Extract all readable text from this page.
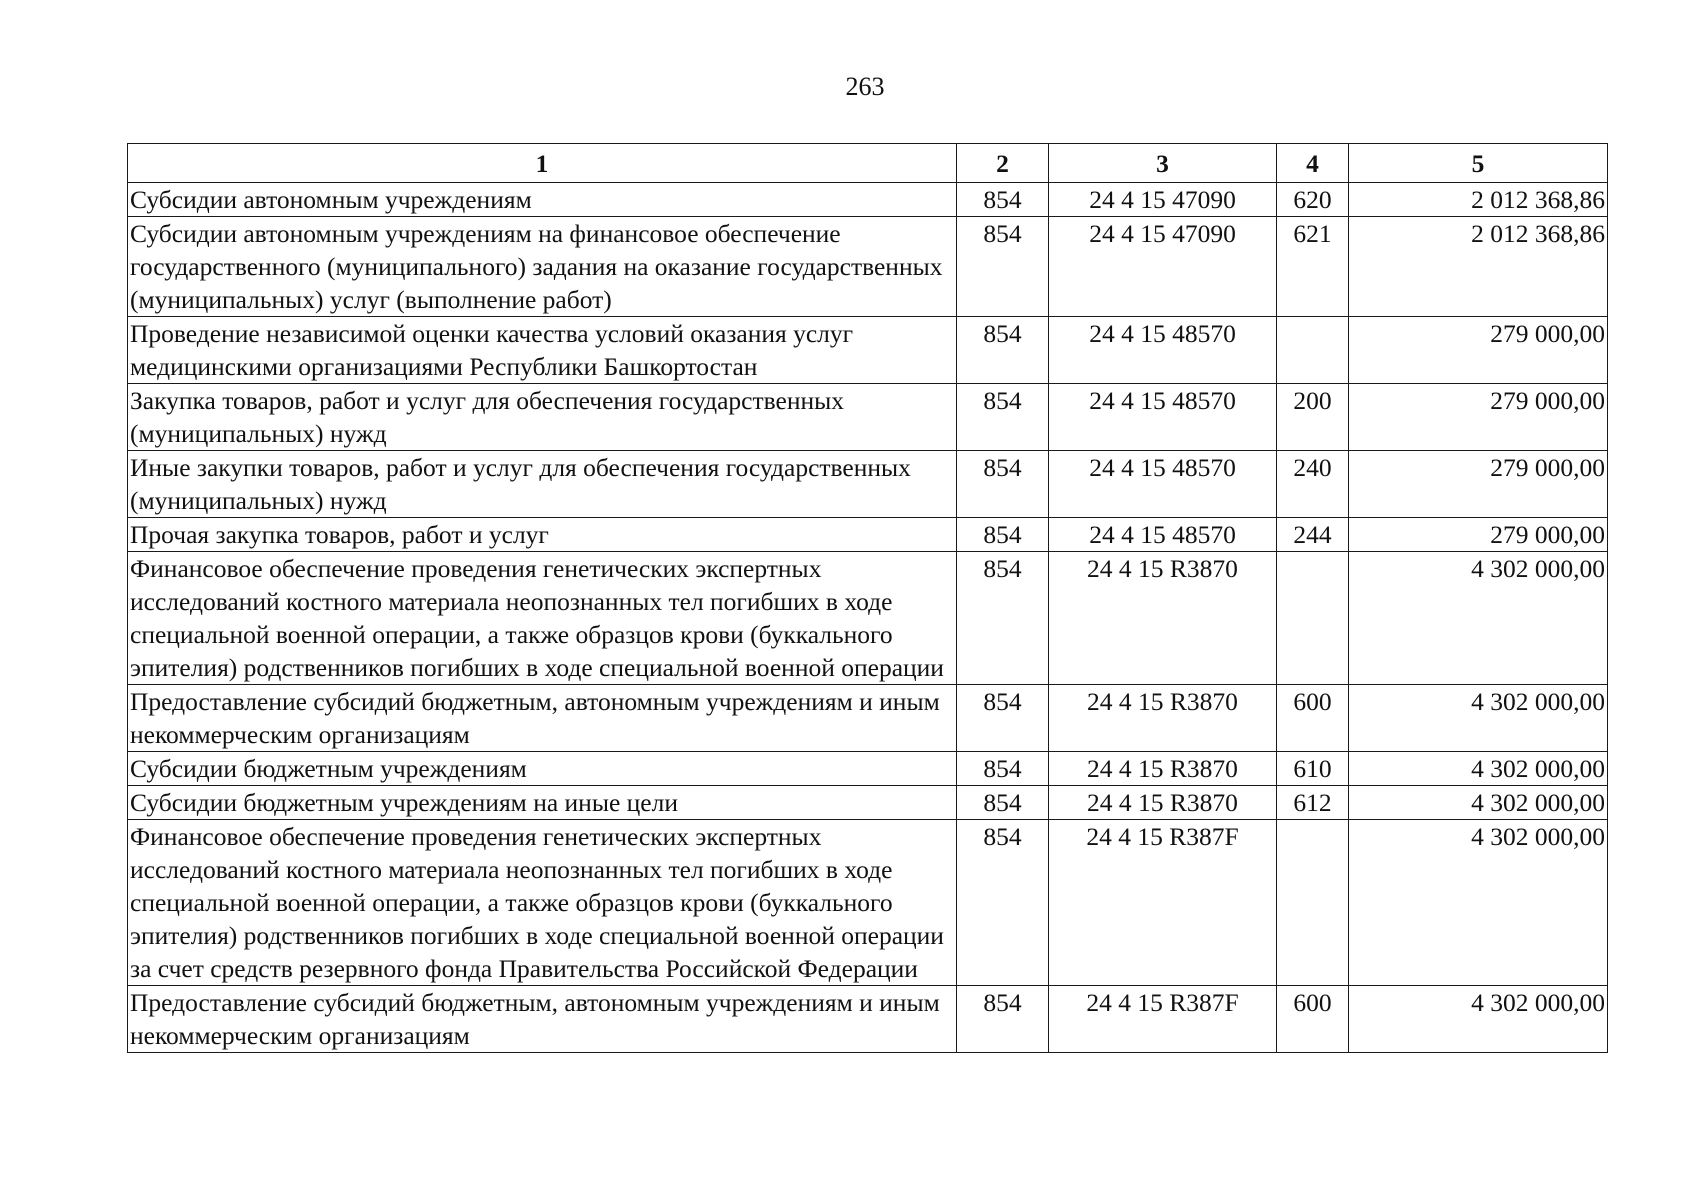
263
1	2	3	4	5
Субсидии автономным учреждениям	854	24 4 15 47090	620	2 012 368,86
Субсидии автономным учреждениям на финансовое обеспечение государственного (муниципального) задания на оказание государственных (муниципальных) услуг (выполнение работ)	854	24 4 15 47090	621	2 012 368,86
Проведение независимой оценки качества условий оказания услуг медицинскими организациями Республики Башкортостан	854	24 4 15 48570		279 000,00
Закупка товаров, работ и услуг для обеспечения государственных (муниципальных) нужд	854	24 4 15 48570	200	279 000,00
Иные закупки товаров, работ и услуг для обеспечения государственных (муниципальных) нужд	854	24 4 15 48570	240	279 000,00
Прочая закупка товаров, работ и услуг	854	24 4 15 48570	244	279 000,00
Финансовое обеспечение проведения генетических экспертных исследований костного материала неопознанных тел погибших в ходе специальной военной операции, а также образцов крови (буккального эпителия) родственников погибших в ходе специальной военной операции	854	24 4 15 R3870		4 302 000,00
Предоставление субсидий бюджетным, автономным учреждениям и иным некоммерческим организациям	854	24 4 15 R3870	600	4 302 000,00
Субсидии бюджетным учреждениям	854	24 4 15 R3870	610	4 302 000,00
Субсидии бюджетным учреждениям на иные цели	854	24 4 15 R3870	612	4 302 000,00
Финансовое обеспечение проведения генетических экспертных исследований костного материала неопознанных тел погибших в ходе специальной военной операции, а также образцов крови (буккального эпителия) родственников погибших в ходе специальной военной операции за счет средств резервного фонда Правительства Российской Федерации	854	24 4 15 R387F		4 302 000,00
Предоставление субсидий бюджетным, автономным учреждениям и иным некоммерческим организациям	854	24 4 15 R387F	600	4 302 000,00
